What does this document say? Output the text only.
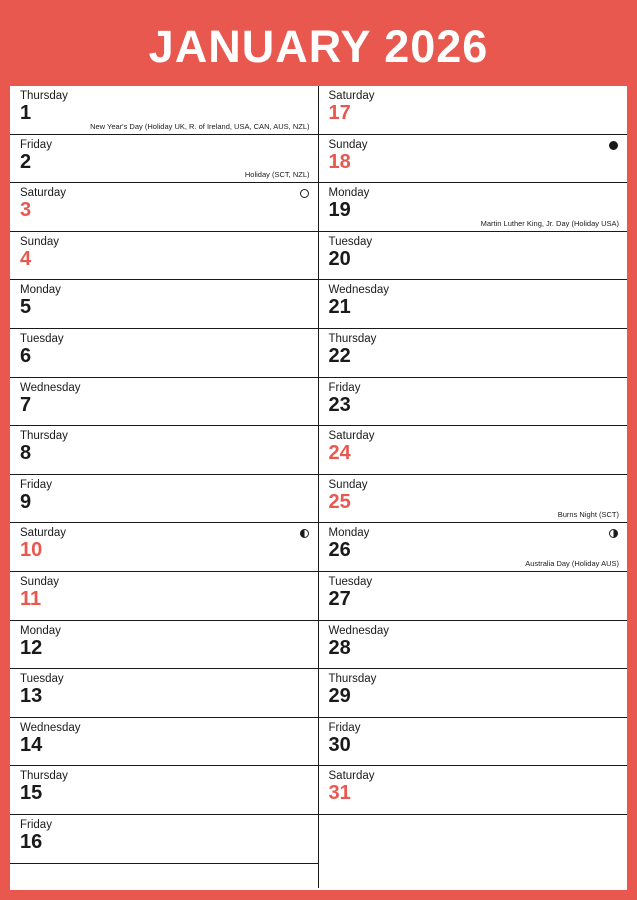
JANUARY 2026
Thursday
1
New Year's Day (Holiday UK, R. of Ireland, USA, CAN, AUS, NZL)
Friday
2
Holiday (SCT, NZL)
Saturday
3
Sunday
4
Monday
5
Tuesday
6
Wednesday
7
Thursday
8
Friday
9
Saturday
10
Sunday
11
Monday
12
Tuesday
13
Wednesday
14
Thursday
15
Friday
16
Saturday
17
Sunday
18
Monday
19
Martin Luther King, Jr. Day (Holiday USA)
Tuesday
20
Wednesday
21
Thursday
22
Friday
23
Saturday
24
Sunday
25
Burns Night (SCT)
Monday
26
Australia Day (Holiday AUS)
Tuesday
27
Wednesday
28
Thursday
29
Friday
30
Saturday
31
